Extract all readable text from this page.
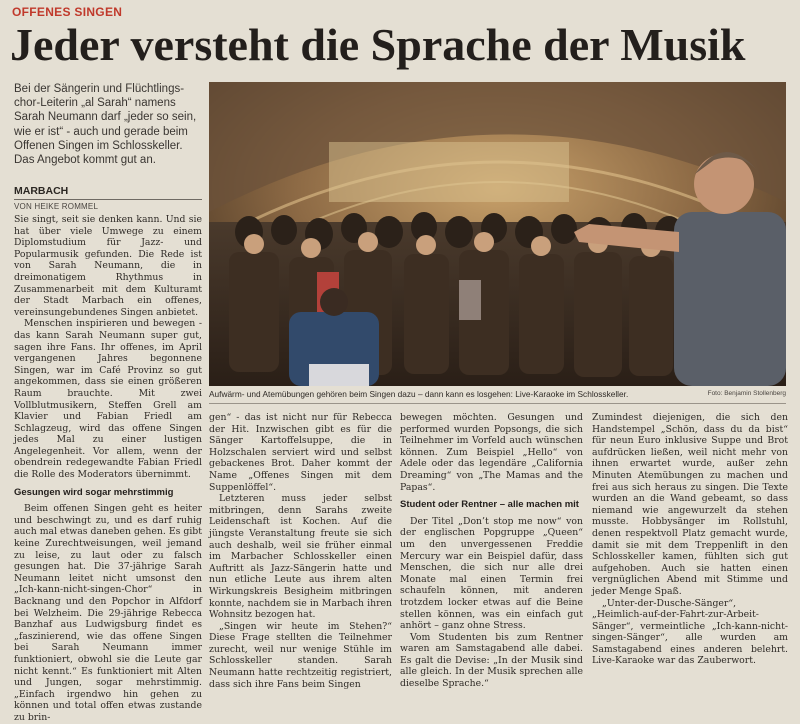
OFFENES SINGEN
Jeder versteht die Sprache der Musik
Bei der Sängerin und Flüchtlings-chor-Leiterin „al Sarah“ namens Sarah Neumann darf „jeder so sein, wie er ist“ - auch und gerade beim Offenen Singen im Schlosskeller. Das Angebot kommt gut an.
MARBACH
VON HEIKE ROMMEL

Sie singt, seit sie denken kann. Und sie hat über viele Umwege zu einem Diplomstudium für Jazz- und Popularmusik gefunden. Die Rede ist von Sarah Neumann, die in dreimonatigem Rhythmus in Zusammenarbeit mit dem Kulturamt der Stadt Marbach ein offenes, vereinsungebundenes Singen anbietet.

Menschen inspirieren und bewegen - das kann Sarah Neumann super gut, sagen ihre Fans. Ihr offenes, im April vergangenen Jahres begonnene Singen, war im Café Provinz so gut angekommen, dass sie einen größeren Raum brauchte. Mit zwei Vollblutmusikern, Steffen Grell am Klavier und Fabian Friedl am Schlagzeug, wird das offene Singen jedes Mal zu einer lustigen Angelegenheit. Vor allem, wenn der obendrein redegewandte Fabian Friedl die Rolle des Moderators übernimmt.

Gesungen wird sogar mehrstimmig

Beim offenen Singen geht es heiter und beschwingt zu, und es darf ruhig auch mal etwas daneben gehen. Es gibt keine Zurechtweisungen, weil jemand zu leise, zu laut oder zu falsch gesungen hat. Die 37-jährige Sarah Neumann leitet nicht umsonst den „Ich-kann-nicht-singen-Chor“ in Backnang und den Popchor in Alfdorf bei Welzheim. Die 29-jährige Rebecca Banzhaf aus Ludwigsburg findet es „faszinierend, wie das offene Singen bei Sarah Neumann immer funktioniert, obwohl sie die Leute gar nicht kennt.“ Es funktioniert mit Alten und Jungen, sogar mehrstimmig. „Einfach irgendwo hin gehen zu können und total offen etwas zustande zu brin-

Aufwärm- und Atemübungen gehören beim Singen dazu – dann kann es losgehen: Live-Karaoke im Schlosskeller.	Foto: Benjamin Stollenberg

gen“ - das ist nicht nur für Rebecca der Hit. Inzwischen gibt es für die Sänger Kartoffelsuppe, die in Holzschalen serviert wird und selbst gebackenes Brot. Daher kommt der Name „Offenes Singen mit dem Suppenlöffel“.

Letzteren muss jeder selbst mitbringen, denn Sarahs zweite Leidenschaft ist Kochen. Auf die jüngste Veranstaltung freute sie sich auch deshalb, weil sie früher einmal im Marbacher Schlosskeller einen Auftritt als Jazz-Sängerin hatte und nun etliche Leute aus ihrem alten Wirkungskreis Besigheim mitbringen konnte, nachdem sie in Marbach ihren Wohnsitz bezogen hat.

„Singen wir heute im Stehen?“ Diese Frage stellten die Teilnehmer zurecht, weil nur wenige Stühle im Schlosskeller standen. Sarah Neumann hatte rechtzeitig registriert, dass sich ihre Fans beim Singen

bewegen möchten. Gesungen und performed wurden Popsongs, die sich Teilnehmer im Vorfeld auch wünschen können. Zum Beispiel „Hello“ von Adele oder das legendäre „California Dreaming“ von „The Mamas and the Papas“.

Student oder Rentner – alle machen mit

Der Titel „Don’t stop me now“ von der englischen Popgruppe „Queen“ um den unvergessenen Freddie Mercury war ein Beispiel dafür, dass Menschen, die sich nur alle drei Monate mal einen Termin frei schaufeln können, mit anderen trotzdem locker etwas auf die Beine stellen können, was ein einfach gut anhört – ganz ohne Stress.

Vom Studenten bis zum Rentner waren am Samstagabend alle dabei. Es galt die Devise: „In der Musik sind alle gleich. In der Musik sprechen alle dieselbe Sprache.“

Zumindest diejenigen, die sich den Handstempel „Schön, dass du da bist“ für neun Euro inklusive Suppe und Brot aufdrücken ließen, weil nicht mehr von ihnen erwartet wurde, außer zehn Minuten Atemübungen zu machen und frei aus sich heraus zu singen. Die Texte wurden an die Wand gebeamt, so dass niemand wie angewurzelt da stehen musste. Hobbysänger im Rollstuhl, denen respektvoll Platz gemacht wurde, damit sie mit dem Treppenlift in den Schlosskeller kamen, fühlten sich gut aufgehoben. Auch sie hatten einen vergnüglichen Abend mit Stimme und jeder Menge Spaß.

„Unter-der-Dusche-Sänger“, „Heimlich-auf-der-Fahrt-zur-Arbeit-Sänger“, vermeintliche „Ich-kann-nicht-singen-Sänger“, alle wurden am Samstagabend eines anderen belehrt. Live-Karaoke war das Zauberwort.
